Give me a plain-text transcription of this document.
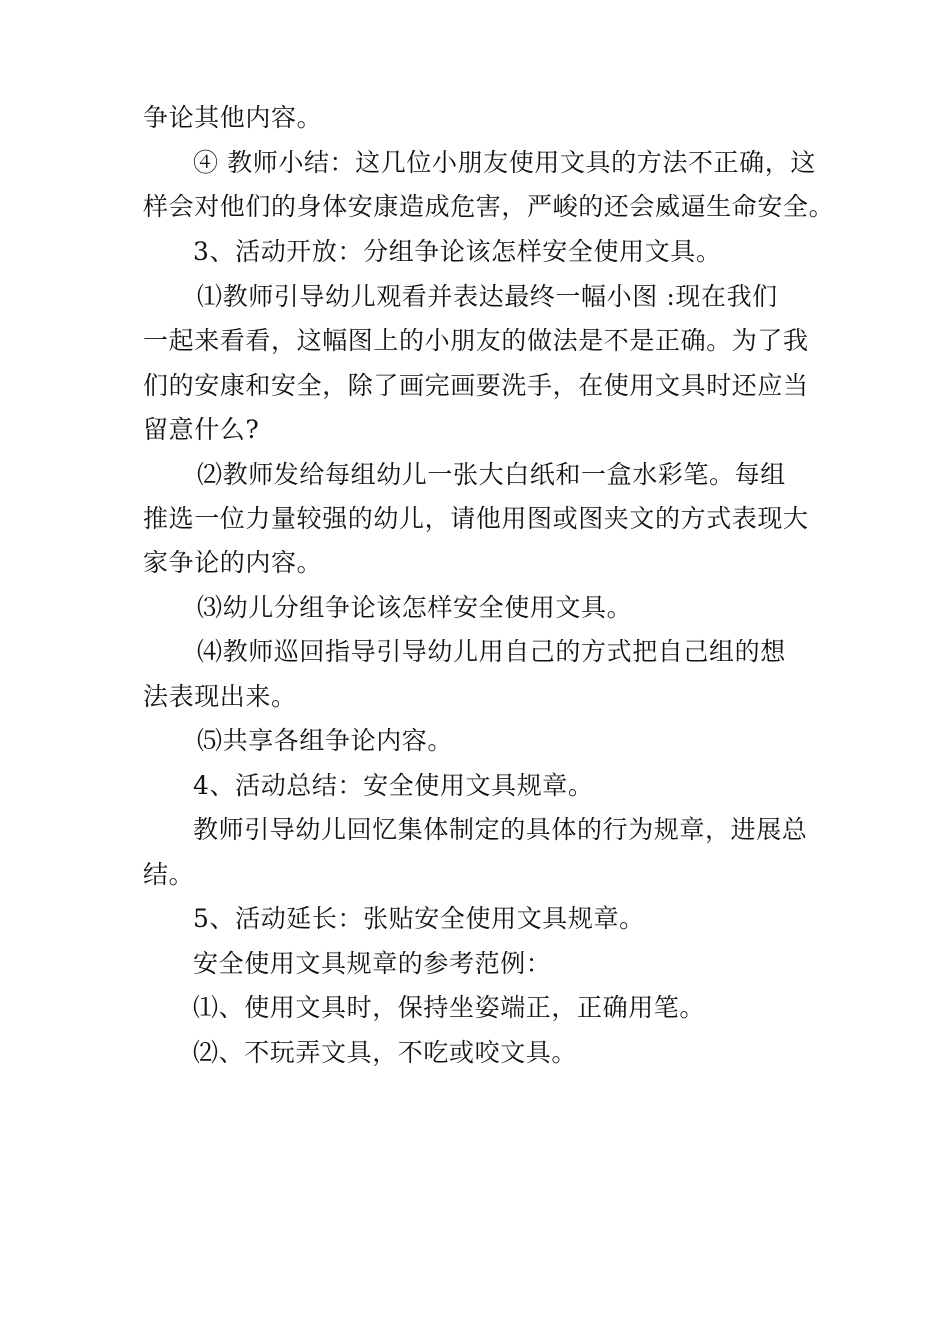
争论其他内容。
④ 教师小结：这几位小朋友使用文具的方法不正确，这
样会对他们的身体安康造成危害，严峻的还会威逼生命安全。
3、活动开放：分组争论该怎样安全使用文具。
⑴教师引导幼儿观看并表达最终一幅小图 :现在我们
一起来看看，这幅图上的小朋友的做法是不是正确。为了我
们的安康和安全，除了画完画要洗手，在使用文具时还应当
留意什么?
⑵教师发给每组幼儿一张大白纸和一盒水彩笔。每组
推选一位力量较强的幼儿，请他用图或图夹文的方式表现大
家争论的内容。
⑶幼儿分组争论该怎样安全使用文具。
⑷教师巡回指导引导幼儿用自己的方式把自己组的想
法表现出来。
⑸共享各组争论内容。
4、活动总结：安全使用文具规章。
教师引导幼儿回忆集体制定的具体的行为规章，进展总
结。
5、活动延长：张贴安全使用文具规章。
安全使用文具规章的参考范例：
⑴、使用文具时，保持坐姿端正，正确用笔。
⑵、不玩弄文具，不吃或咬文具。
